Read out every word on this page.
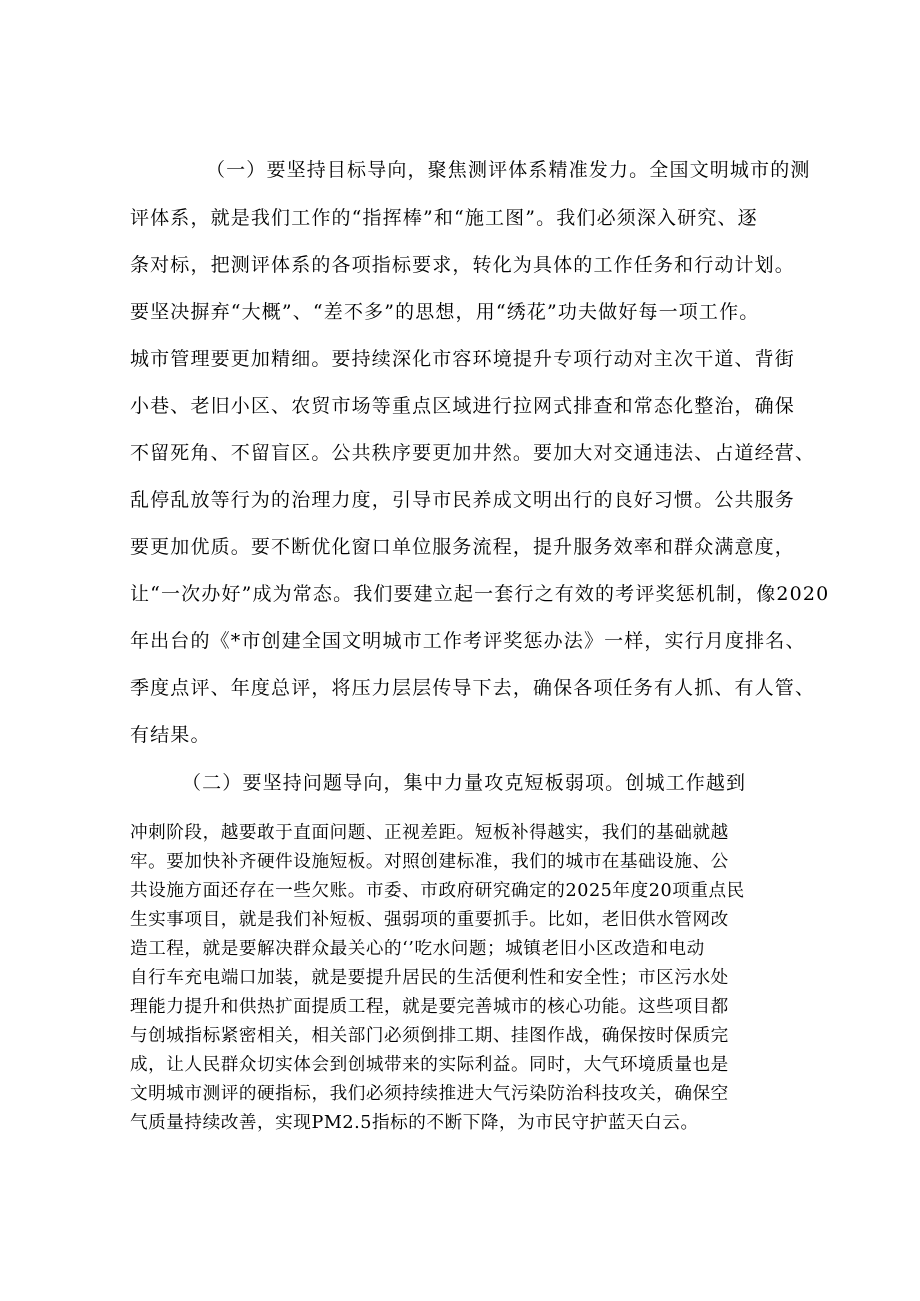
（一）要坚持目标导向，聚焦测评体系精准发力。全国文明城市的测
评体系，就是我们工作的“指挥棒”和“施工图”。我们必须深入研究、逐
条对标，把测评体系的各项指标要求，转化为具体的工作任务和行动计划。
要坚决摒弃“大概”、“差不多”的思想，用“绣花”功夫做好每一项工作。
城市管理要更加精细。要持续深化市容环境提升专项行动对主次干道、背街
小巷、老旧小区、农贸市场等重点区域进行拉网式排查和常态化整治，确保
不留死角、不留盲区。公共秩序要更加井然。要加大对交通违法、占道经营、
乱停乱放等行为的治理力度，引导市民养成文明出行的良好习惯。公共服务
要更加优质。要不断优化窗口单位服务流程，提升服务效率和群众满意度，
让“一次办好”成为常态。我们要建立起一套行之有效的考评奖惩机制，像2020
年出台的《*市创建全国文明城市工作考评奖惩办法》一样，实行月度排名、
季度点评、年度总评，将压力层层传导下去，确保各项任务有人抓、有人管、
有结果。
（二）要坚持问题导向，集中力量攻克短板弱项。创城工作越到
冲刺阶段，越要敢于直面问题、正视差距。短板补得越实，我们的基础就越
牢。要加快补齐硬件设施短板。对照创建标准，我们的城市在基础设施、公
共设施方面还存在一些欠账。市委、市政府研究确定的2025年度20项重点民
生实事项目，就是我们补短板、强弱项的重要抓手。比如，老旧供水管网改
造工程，就是要解决群众最关心的‘’吃水问题；城镇老旧小区改造和电动
自行车充电端口加装，就是要提升居民的生活便利性和安全性；市区污水处
理能力提升和供热扩面提质工程，就是要完善城市的核心功能。这些项目都
与创城指标紧密相关，相关部门必须倒排工期、挂图作战，确保按时保质完
成，让人民群众切实体会到创城带来的实际利益。同时，大气环境质量也是
文明城市测评的硬指标，我们必须持续推进大气污染防治科技攻关，确保空
气质量持续改善，实现PM2.5指标的不断下降，为市民守护蓝天白云。
